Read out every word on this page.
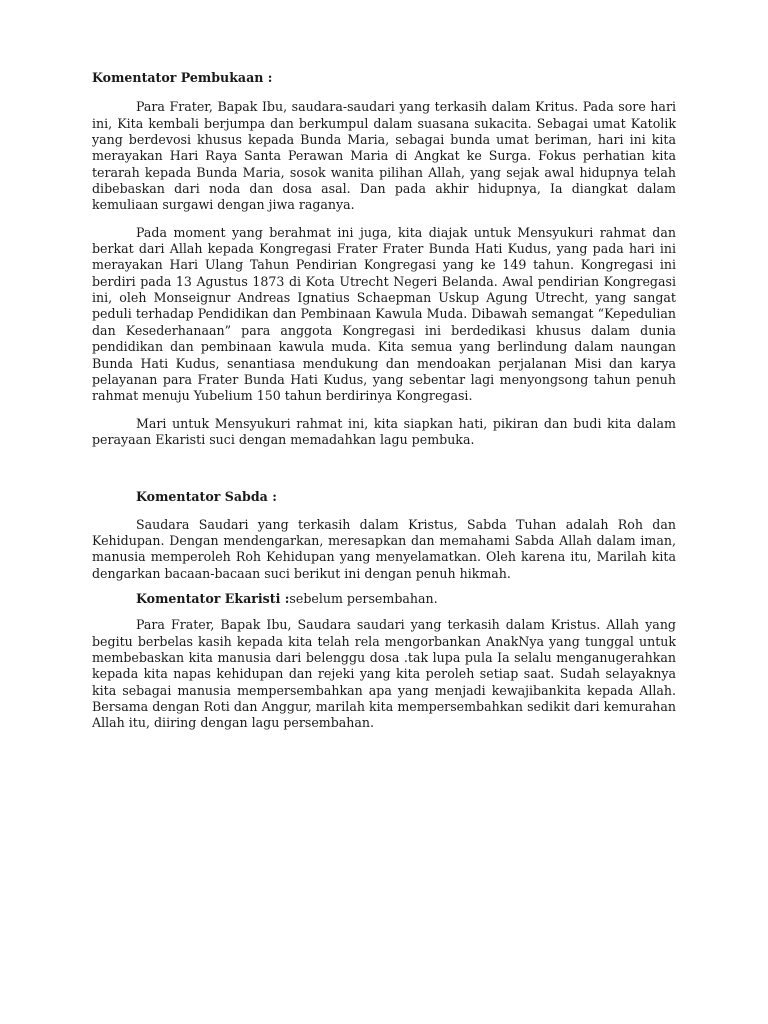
Komentator Pembukaan :

Para Frater, Bapak Ibu, saudara-saudari yang terkasih dalam Kritus. Pada sore hari ini, Kita kembali berjumpa dan berkumpul dalam suasana sukacita. Sebagai umat Katolik yang berdevosi khusus kepada Bunda Maria, sebagai bunda umat beriman, hari ini kita merayakan Hari Raya Santa Perawan Maria di Angkat ke Surga. Fokus perhatian kita terarah kepada Bunda Maria, sosok wanita pilihan Allah, yang sejak awal hidupnya telah dibebaskan dari noda dan dosa asal. Dan pada akhir hidupnya, Ia diangkat dalam kemuliaan surgawi dengan jiwa raganya.

Pada moment yang berahmat ini juga, kita diajak untuk Mensyukuri rahmat dan berkat dari Allah kepada Kongregasi Frater Frater Bunda Hati Kudus, yang pada hari ini merayakan Hari Ulang Tahun Pendirian Kongregasi yang ke 149 tahun. Kongregasi ini berdiri pada 13 Agustus 1873 di Kota Utrecht Negeri Belanda. Awal pendirian Kongregasi ini, oleh Monseignur Andreas Ignatius Schaepman Uskup Agung Utrecht, yang sangat peduli terhadap Pendidikan dan Pembinaan Kawula Muda. Dibawah semangat “Kepedulian dan Kesederhanaan” para anggota Kongregasi ini berdedikasi khusus dalam dunia pendidikan dan pembinaan kawula muda. Kita semua yang berlindung dalam naungan Bunda Hati Kudus, senantiasa mendukung dan mendoakan perjalanan Misi dan karya pelayanan para Frater Bunda Hati Kudus, yang sebentar lagi menyongsong tahun penuh rahmat menuju Yubelium 150 tahun berdirinya Kongregasi.

Mari untuk Mensyukuri rahmat ini, kita siapkan hati, pikiran dan budi kita dalam perayaan Ekaristi suci dengan memadahkan lagu pembuka.

Komentator Sabda :

Saudara Saudari yang terkasih dalam Kristus, Sabda Tuhan adalah Roh dan Kehidupan. Dengan mendengarkan, meresapkan dan memahami Sabda Allah dalam iman, manusia memperoleh Roh Kehidupan yang menyelamatkan. Oleh karena itu, Marilah kita dengarkan bacaan-bacaan suci berikut ini dengan penuh hikmah.

Komentator Ekaristi :sebelum persembahan.

Para Frater, Bapak Ibu, Saudara saudari yang terkasih dalam Kristus. Allah yang begitu berbelas kasih kepada kita telah rela mengorbankan AnakNya yang tunggal untuk membebaskan kita manusia dari belenggu dosa .tak lupa pula Ia selalu menganugerahkan kepada kita napas kehidupan dan rejeki yang kita peroleh setiap saat. Sudah selayaknya kita sebagai manusia mempersembahkan apa yang menjadi kewajibankita kepada Allah. Bersama dengan Roti dan Anggur, marilah kita mempersembahkan sedikit dari kemurahan Allah itu, diiring dengan lagu persembahan.
